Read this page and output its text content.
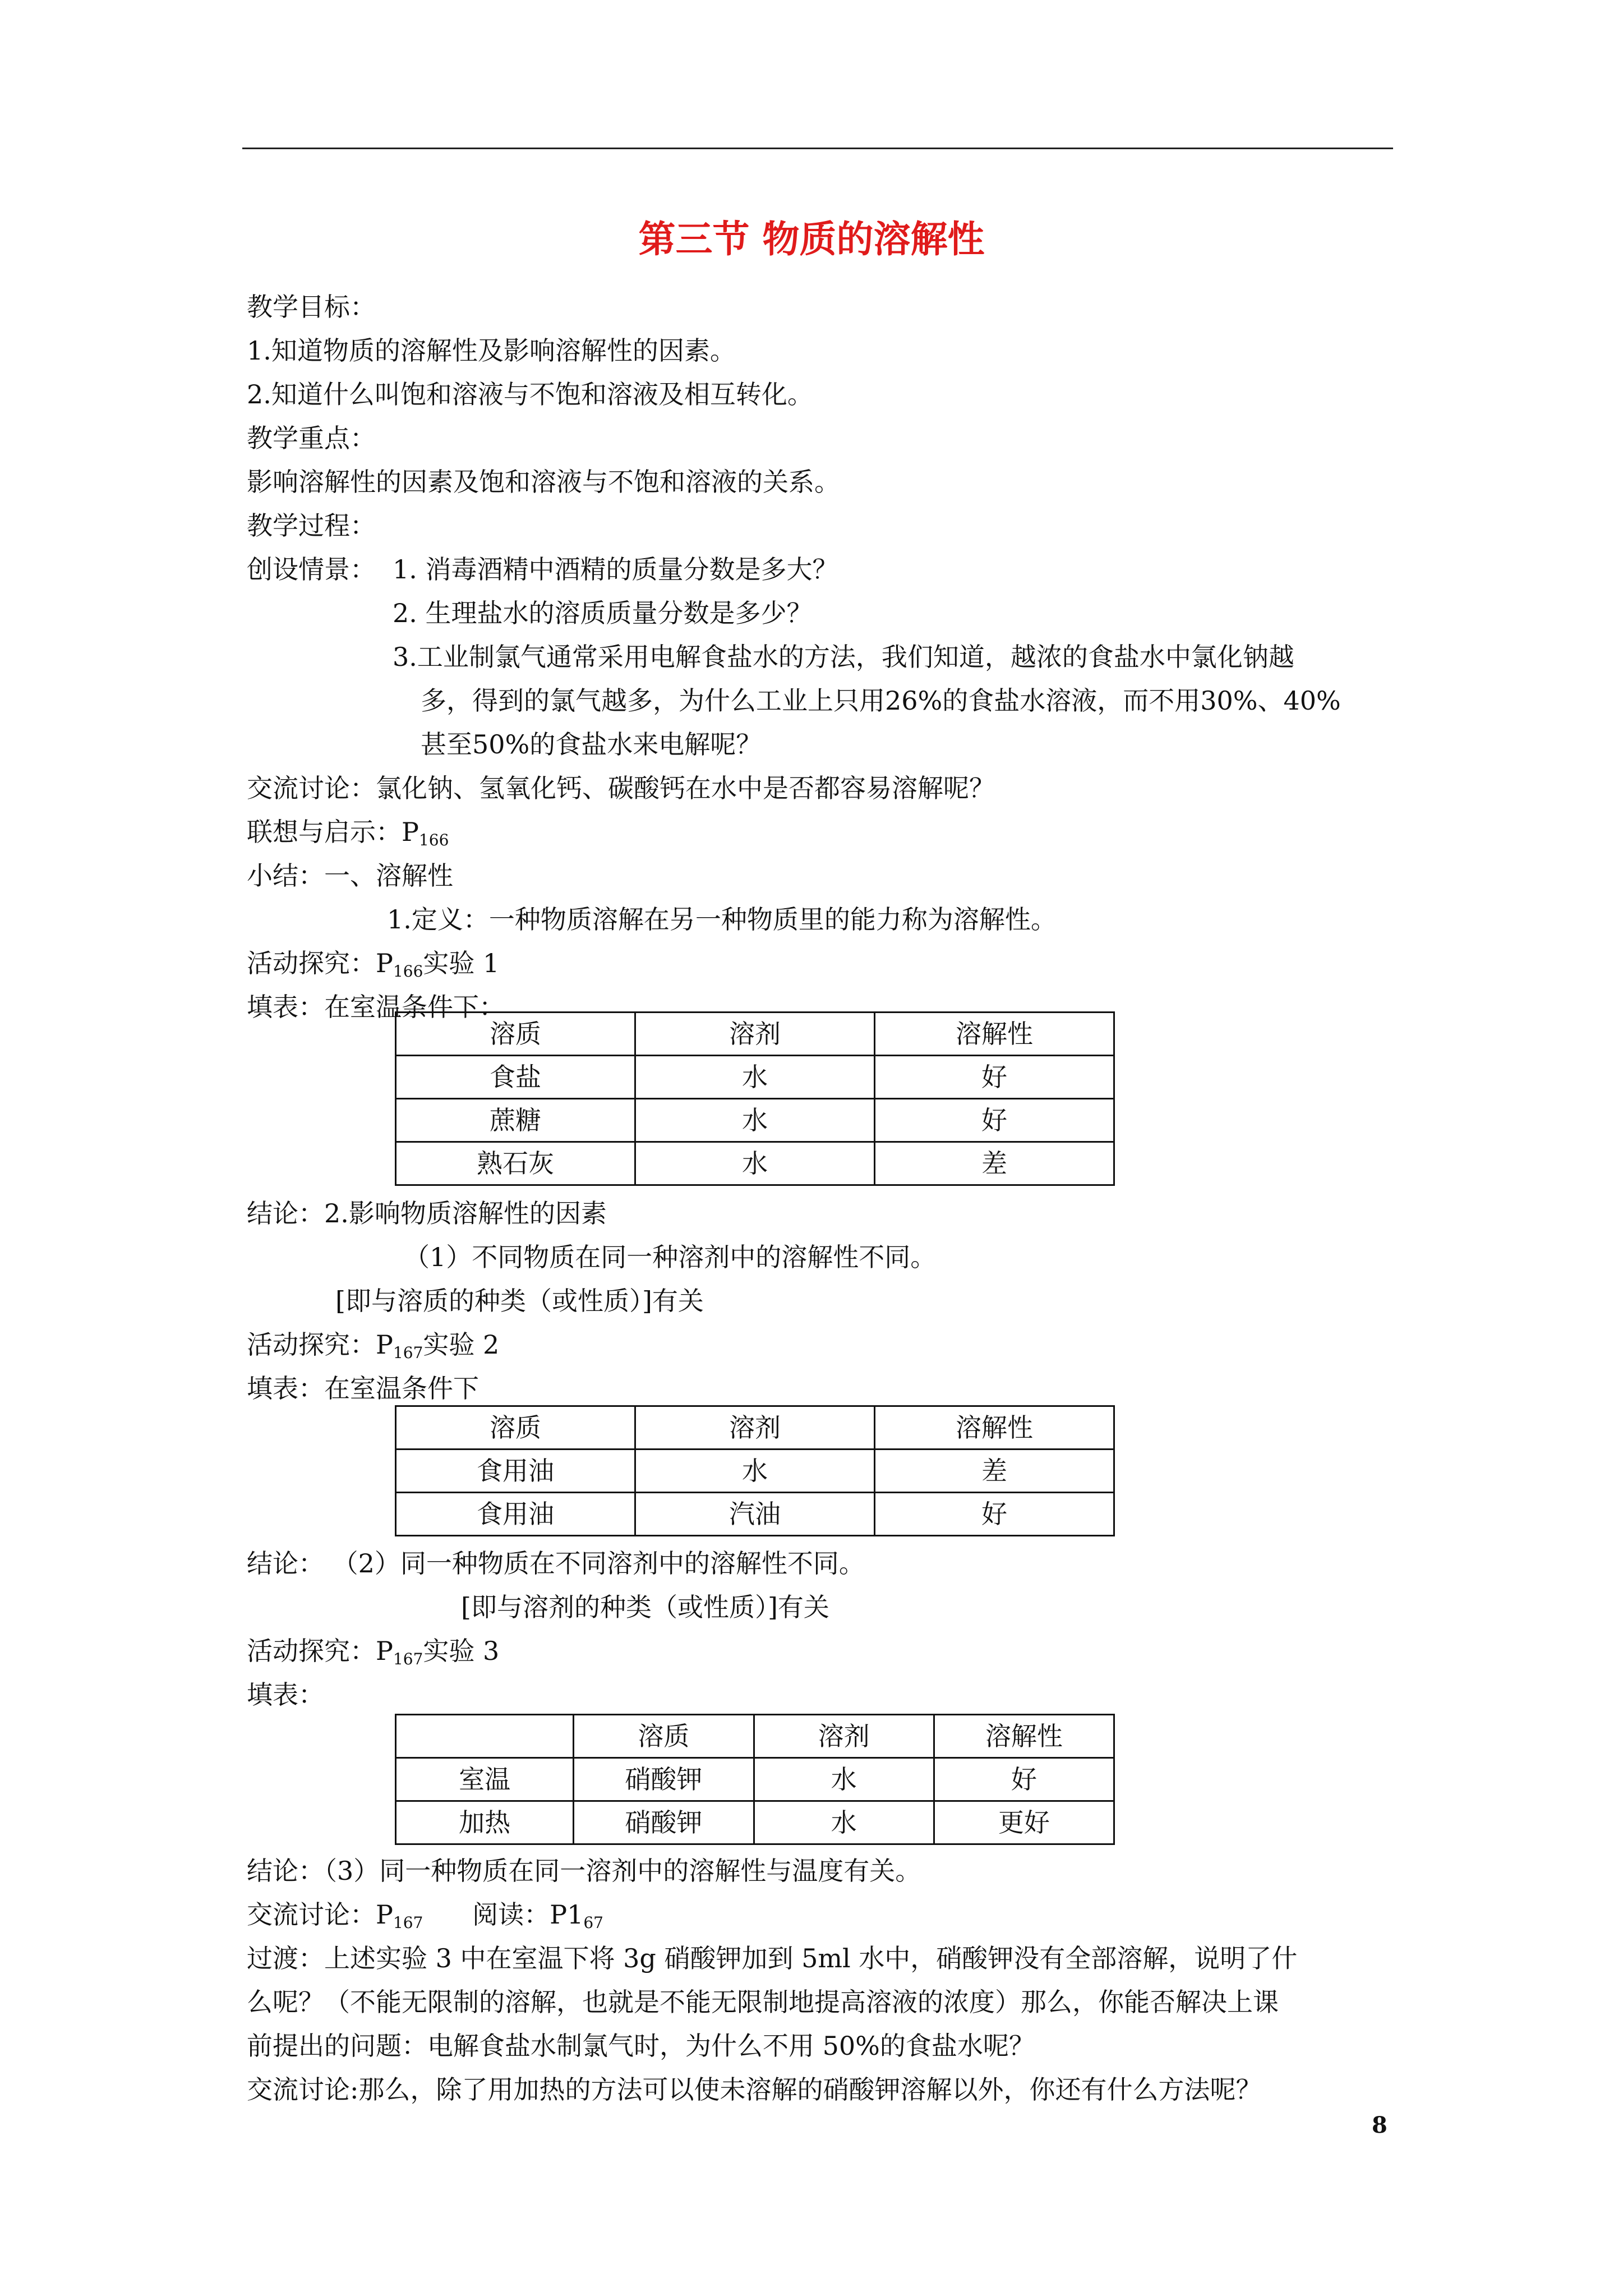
第三节 物质的溶解性
教学目标：
1.知道物质的溶解性及影响溶解性的因素。
2.知道什么叫饱和溶液与不饱和溶液及相互转化。
教学重点：
影响溶解性的因素及饱和溶液与不饱和溶液的关系。
教学过程：
创设情景： 1. 消毒酒精中酒精的质量分数是多大？
2. 生理盐水的溶质质量分数是多少？
3.工业制氯气通常采用电解食盐水的方法，我们知道，越浓的食盐水中氯化钠越
多，得到的氯气越多，为什么工业上只用26%的食盐水溶液，而不用30%、40%
甚至50%的食盐水来电解呢？
交流讨论：氯化钠、氢氧化钙、碳酸钙在水中是否都容易溶解呢？
联想与启示：$P_{166}$
小结：一、溶解性
1.定义：一种物质溶解在另一种物质里的能力称为溶解性。
活动探究：$P_{166}$实验 1
填表：在室温条件下：
溶质	溶剂	溶解性
食盐	水	好
蔗糖	水	好
熟石灰	水	差
结论：2.影响物质溶解性的因素
（1）不同物质在同一种溶剂中的溶解性不同。
[即与溶质的种类（或性质）]有关
活动探究：$P_{167}$实验 2
填表：在室温条件下
溶质	溶剂	溶解性
食用油	水	差
食用油	汽油	好
结论： （2）同一种物质在不同溶剂中的溶解性不同。
[即与溶剂的种类（或性质）]有关
活动探究：$P_{167}$实验 3
填表：
	溶质	溶剂	溶解性
室温	硝酸钾	水	好
加热	硝酸钾	水	更好
结论：（3）同一种物质在同一溶剂中的溶解性与温度有关。
交流讨论：$P_{167}$      阅读：$P1_{67}$
过渡：上述实验 3 中在室温下将 3g 硝酸钾加到 5ml 水中，硝酸钾没有全部溶解，说明了什
么呢？（不能无限制的溶解，也就是不能无限制地提高溶液的浓度）那么，你能否解决上课
前提出的问题：电解食盐水制氯气时，为什么不用 50%的食盐水呢？
交流讨论:那么，除了用加热的方法可以使未溶解的硝酸钾溶解以外，你还有什么方法呢？
8
